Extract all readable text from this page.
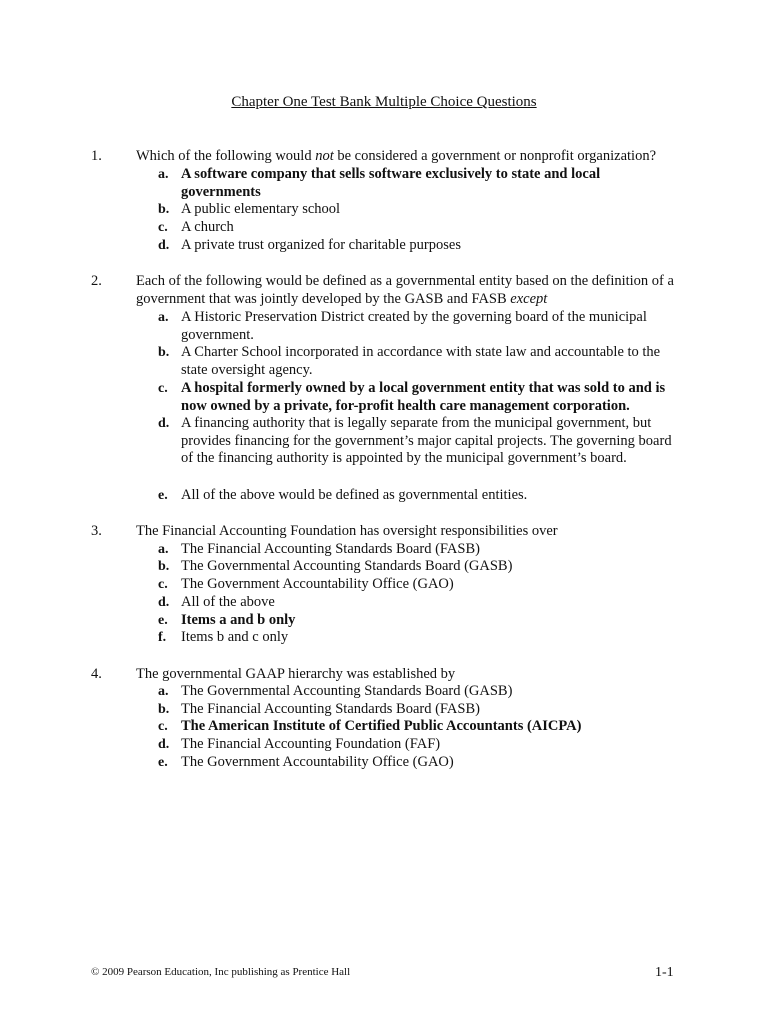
Chapter One Test Bank Multiple Choice Questions
1. Which of the following would not be considered a government or nonprofit organization?
a. A software company that sells software exclusively to state and local governments
b. A public elementary school
c. A church
d. A private trust organized for charitable purposes
2. Each of the following would be defined as a governmental entity based on the definition of a government that was jointly developed by the GASB and FASB except
a. A Historic Preservation District created by the governing board of the municipal government.
b. A Charter School incorporated in accordance with state law and accountable to the state oversight agency.
c. A hospital formerly owned by a local government entity that was sold to and is now owned by a private, for-profit health care management corporation.
d. A financing authority that is legally separate from the municipal government, but provides financing for the government’s major capital projects. The governing board of the financing authority is appointed by the municipal government’s board.
e. All of the above would be defined as governmental entities.
3. The Financial Accounting Foundation has oversight responsibilities over
a. The Financial Accounting Standards Board (FASB)
b. The Governmental Accounting Standards Board (GASB)
c. The Government Accountability Office (GAO)
d. All of the above
e. Items a and b only
f. Items b and c only
4. The governmental GAAP hierarchy was established by
a. The Governmental Accounting Standards Board (GASB)
b. The Financial Accounting Standards Board (FASB)
c. The American Institute of Certified Public Accountants (AICPA)
d. The Financial Accounting Foundation (FAF)
e. The Government Accountability Office (GAO)
© 2009 Pearson Education, Inc publishing as Prentice Hall	1-1
